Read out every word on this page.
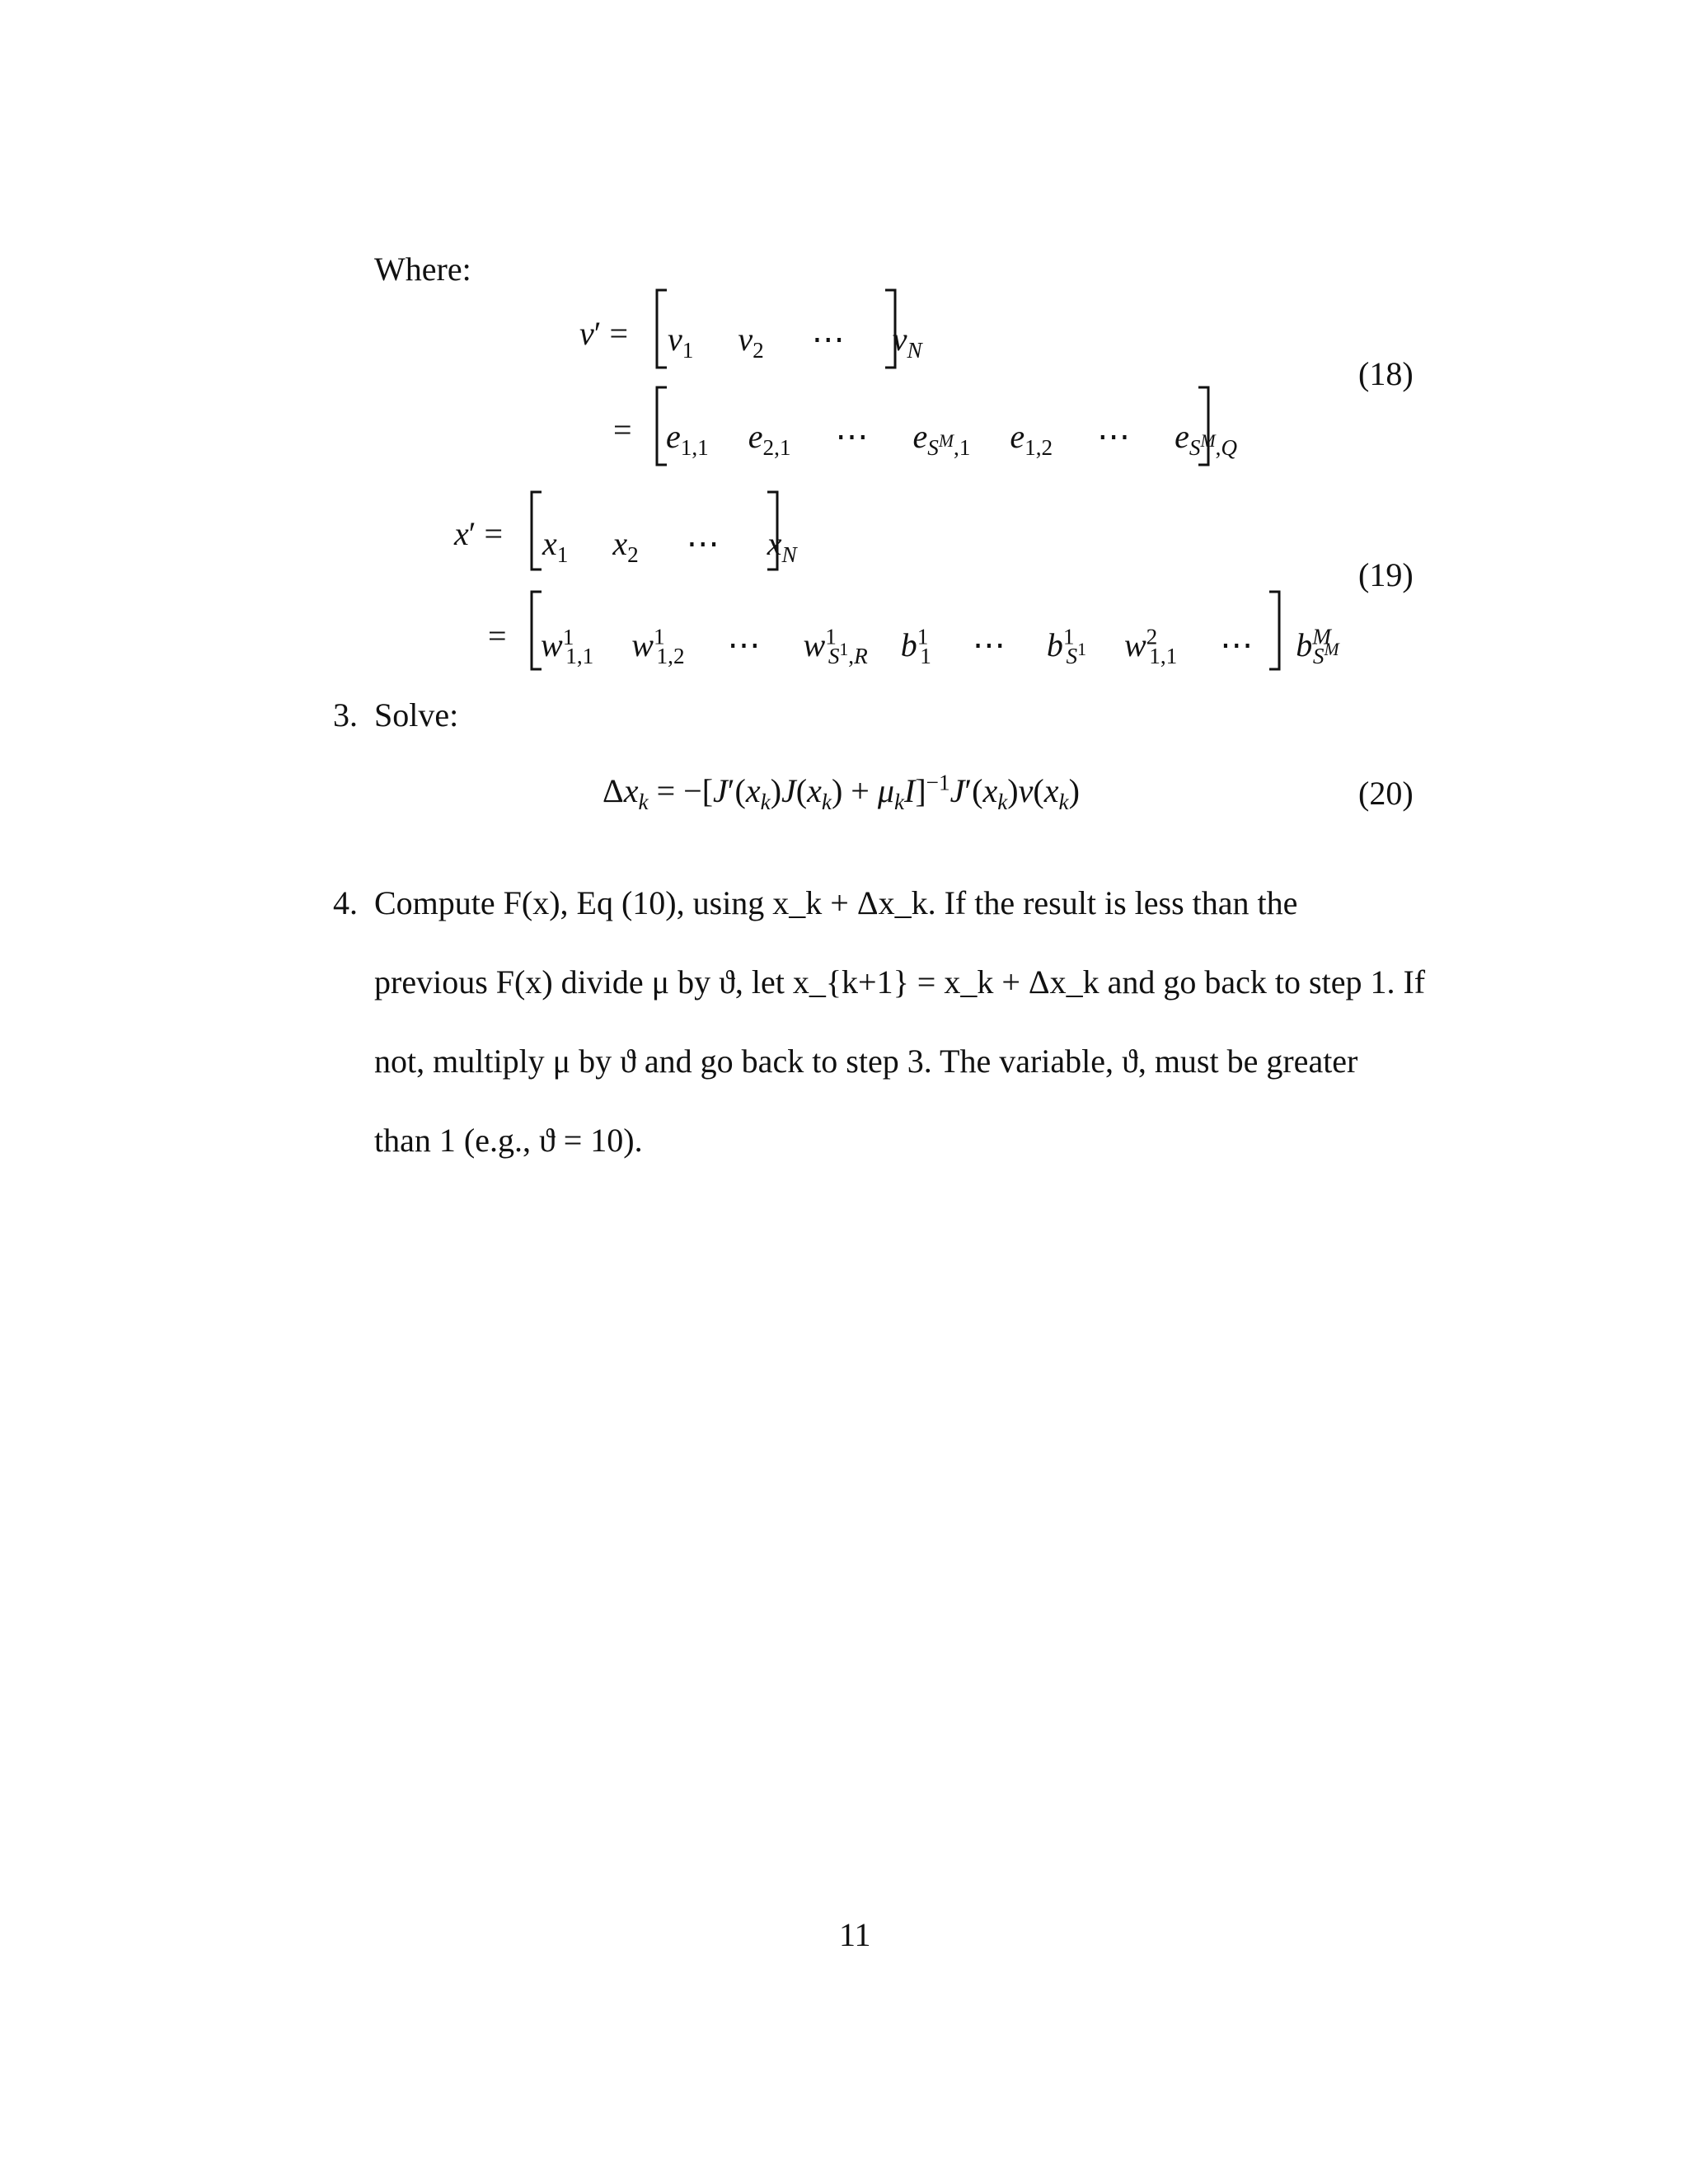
Where:
$v' = v_1$ $v_2$  ⋯  $v_N$
= $e_{1,1}$ $e_{2,1}$  ⋯  $e_{S^M,1}$ $e_{1,2}$  ⋯  $e_{S^M,Q}$
(18)
$x' = x_1$ $x_2$  ⋯  $x_N$
= $w^1_{1,1}$ $w^1_{1,2}$  ⋯  $w^1_{S^1,R}$ $b^1_1$  ⋯  $b^1_{S^1}$ $w^2_{1,1}$  ⋯  $b^M_{S^M}$
(19)
3. Solve:
$\Delta x_k = -[J'(x_k)J(x_k) + \mu_kI]^{-1}J'(x_k)v(x_k)$	(20)
4. Compute F(x), Eq (10), using x_k + Δx_k. If the result is less than the
previous F(x) divide μ by ϑ, let x_{k+1} = x_k + Δx_k and go back to step 1. If
not, multiply μ by ϑ and go back to step 3. The variable, ϑ, must be greater
than 1 (e.g., ϑ = 10).
11
